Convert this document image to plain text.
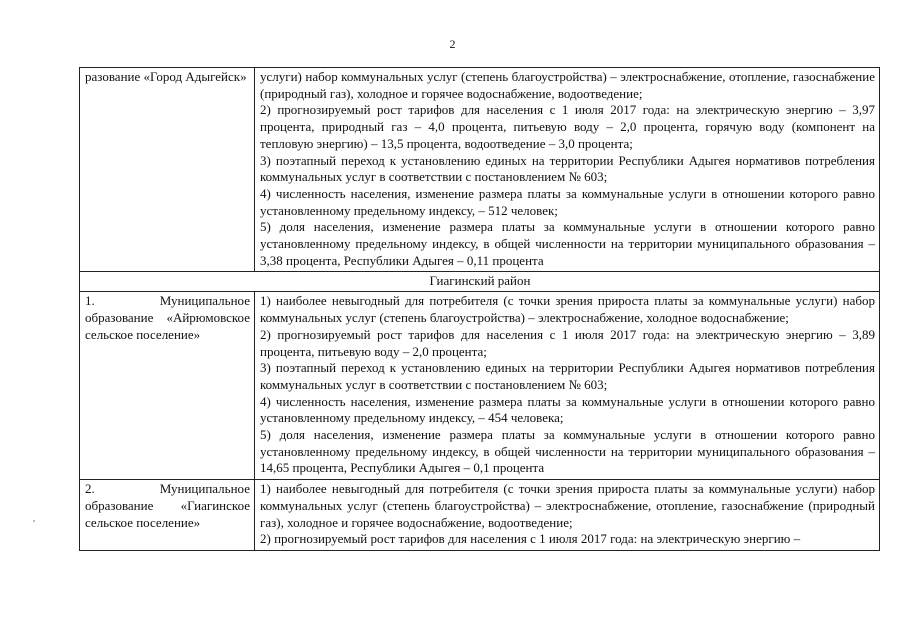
2
разование «Город Адыгейск»	услуги) набор коммунальных услуг (степень благоустройства) – электроснабжение, отопление, газоснабжение (природный газ), холодное и горячее водоснабжение, водоотведение;
2) прогнозируемый рост тарифов для населения с 1 июля 2017 года: на электрическую энергию – 3,97 процента, природный газ – 4,0 процента, питьевую воду – 2,0 процента, горячую воду (компонент на тепловую энергию) – 13,5 процента, водоотведение – 3,0 процента;
3) поэтапный переход к установлению единых на территории Республики Адыгея нормативов потребления коммунальных услуг в соответствии с постановлением № 603;
4) численность населения, изменение размера платы за коммунальные услуги в отношении которого равно установленному предельному индексу, – 512 человек;
5) доля населения, изменение размера платы за коммунальные услуги в отношении которого равно установленному предельному индексу, в общей численности на территории муниципального образования – 3,38 процента, Республики Адыгея – 0,11 процента

Гиагинский район	
1. Муниципальное образование «Айрюмовское сельское поселение»	1) наиболее невыгодный для потребителя (с точки зрения прироста платы за коммунальные услуги) набор коммунальных услуг (степень благоустройства) – электроснабжение, холодное водоснабжение;
2) прогнозируемый рост тарифов для населения с 1 июля 2017 года: на электрическую энергию – 3,89 процента, питьевую воду – 2,0 процента;
3) поэтапный переход к установлению единых на территории Республики Адыгея нормативов потребления коммунальных услуг в соответствии с постановлением № 603;
4) численность населения, изменение размера платы за коммунальные услуги в отношении которого равно установленному предельному индексу, – 454 человека;
5) доля населения, изменение размера платы за коммунальные услуги в отношении которого равно установленному предельному индексу, в общей численности на территории муниципального образования – 14,65 процента, Республики Адыгея – 0,1 процента

2. Муниципальное образование «Гиагинское сельское поселение»	1) наиболее невыгодный для потребителя (с точки зрения прироста платы за коммунальные услуги) набор коммунальных услуг (степень благоустройства) – электроснабжение, отопление, газоснабжение (природный газ), холодное и горячее водоснабжение, водоотведение;
2) прогнозируемый рост тарифов для населения с 1 июля 2017 года: на электрическую энергию –
